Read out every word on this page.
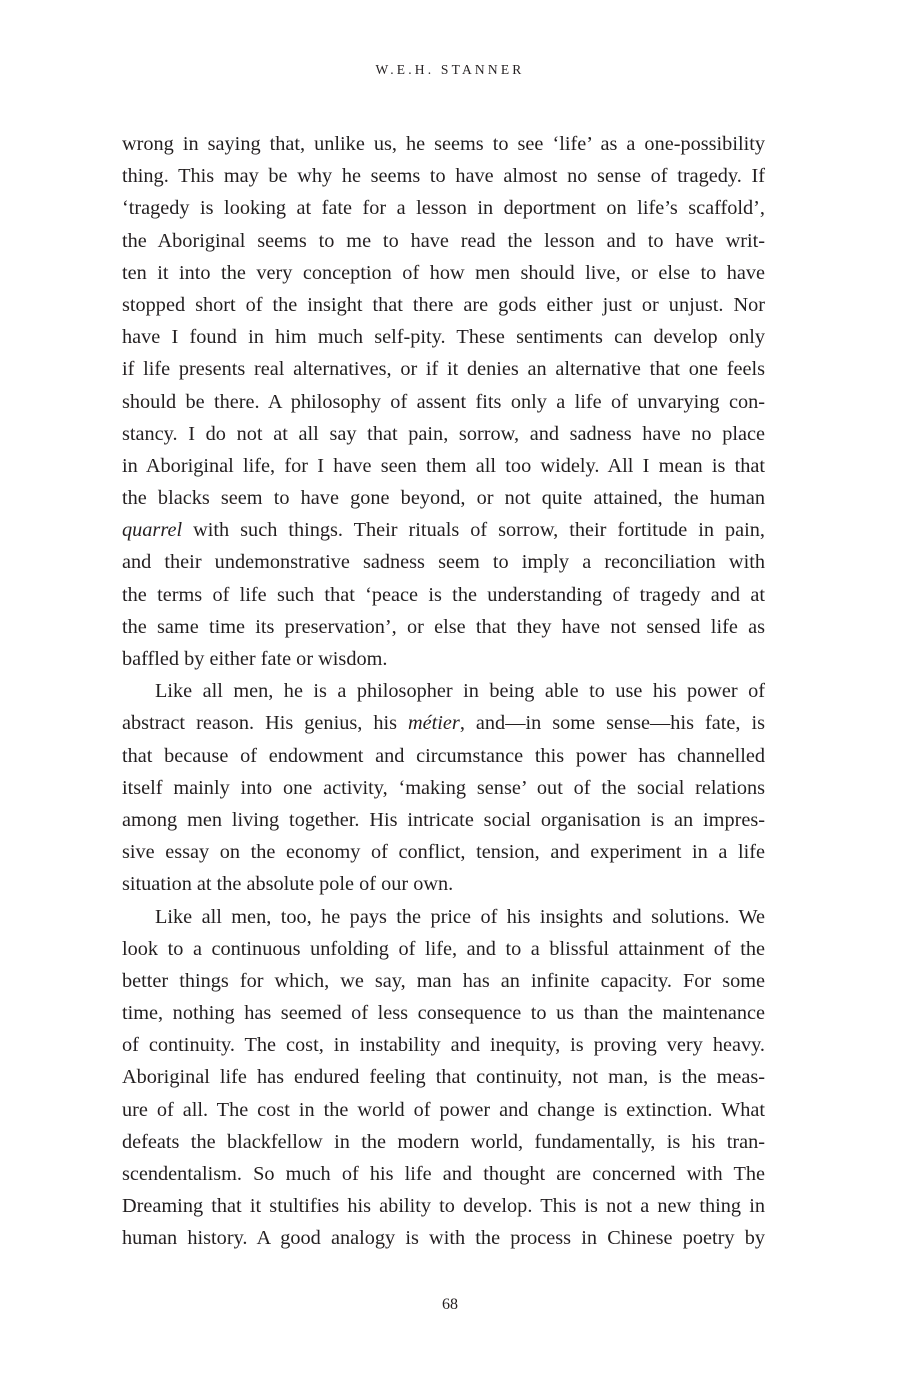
W.E.H. STANNER
wrong in saying that, unlike us, he seems to see ‘life’ as a one-possibility
thing. This may be why he seems to have almost no sense of tragedy. If
‘tragedy is looking at fate for a lesson in deportment on life’s scaffold’,
the Aboriginal seems to me to have read the lesson and to have writ-
ten it into the very conception of how men should live, or else to have
stopped short of the insight that there are gods either just or unjust. Nor
have I found in him much self-pity. These sentiments can develop only
if life presents real alternatives, or if it denies an alternative that one feels
should be there. A philosophy of assent fits only a life of unvarying con-
stancy. I do not at all say that pain, sorrow, and sadness have no place
in Aboriginal life, for I have seen them all too widely. All I mean is that
the blacks seem to have gone beyond, or not quite attained, the human
quarrel with such things. Their rituals of sorrow, their fortitude in pain,
and their undemonstrative sadness seem to imply a reconciliation with
the terms of life such that ‘peace is the understanding of tragedy and at
the same time its preservation’, or else that they have not sensed life as
baffled by either fate or wisdom.
Like all men, he is a philosopher in being able to use his power of
abstract reason. His genius, his métier, and—in some sense—his fate, is
that because of endowment and circumstance this power has channelled
itself mainly into one activity, ‘making sense’ out of the social relations
among men living together. His intricate social organisation is an impres-
sive essay on the economy of conflict, tension, and experiment in a life
situation at the absolute pole of our own.
Like all men, too, he pays the price of his insights and solutions. We
look to a continuous unfolding of life, and to a blissful attainment of the
better things for which, we say, man has an infinite capacity. For some
time, nothing has seemed of less consequence to us than the maintenance
of continuity. The cost, in instability and inequity, is proving very heavy.
Aboriginal life has endured feeling that continuity, not man, is the meas-
ure of all. The cost in the world of power and change is extinction. What
defeats the blackfellow in the modern world, fundamentally, is his tran-
scendentalism. So much of his life and thought are concerned with The
Dreaming that it stultifies his ability to develop. This is not a new thing in
human history. A good analogy is with the process in Chinese poetry by
68
